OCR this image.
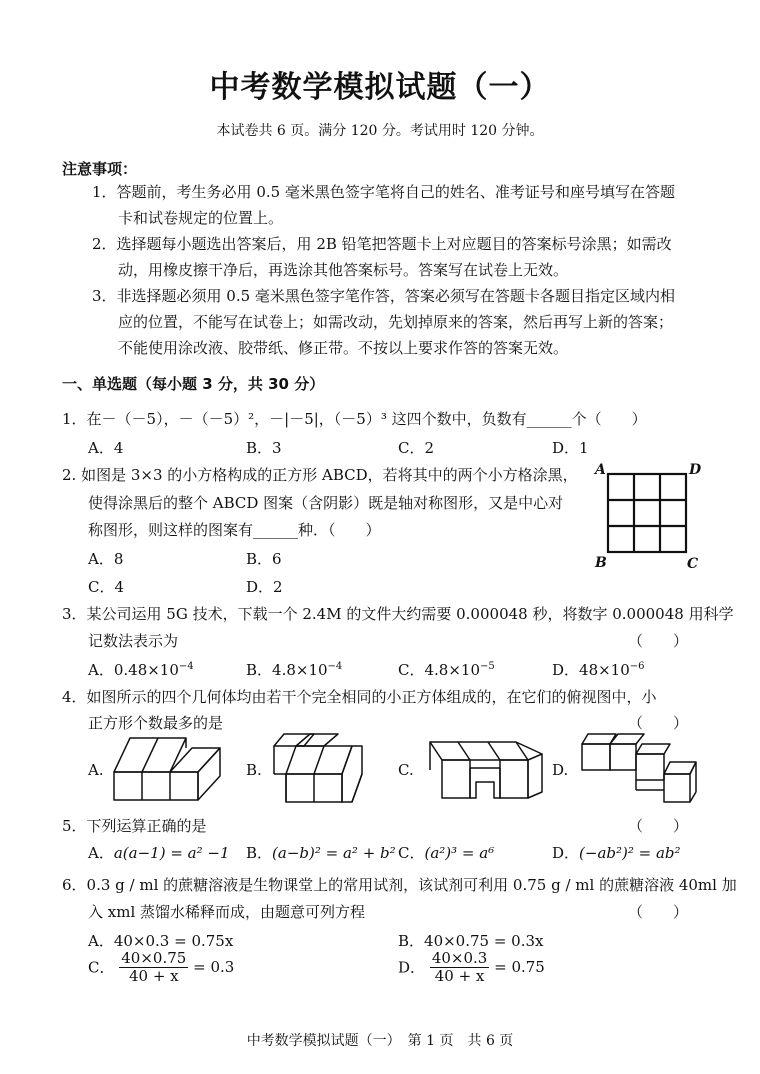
中考数学模拟试题（一）
本试卷共 6 页。满分 120 分。考试用时 120 分钟。
注意事项：
1．答题前，考生务必用 0.5 毫米黑色签字笔将自己的姓名、准考证号和座号填写在答题
卡和试卷规定的位置上。
2．选择题每小题选出答案后，用 2B 铅笔把答题卡上对应题目的答案标号涂黑；如需改
动，用橡皮擦干净后，再选涂其他答案标号。答案写在试卷上无效。
3．非选择题必须用 0.5 毫米黑色签字笔作答，答案必须写在答题卡各题目指定区域内相
应的位置，不能写在试卷上；如需改动，先划掉原来的答案，然后再写上新的答案；
不能使用涂改液、胶带纸、修正带。不按以上要求作答的答案无效。
一、单选题（每小题 3 分，共 30 分）
1．在－（－5），－（－5）²，－|－5|，（－5）³ 这四个数中，负数有______个（　　）
A．4	B．3	C．2	D．1
2. 如图是 3×3 的小方格构成的正方形 ABCD，若将其中的两个小方格涂黑，
使得涂黑后的整个 ABCD 图案（含阴影）既是轴对称图形，又是中心对
称图形，则这样的图案有______种．（　　）
A．8	B．6
C．4	D．2
A	D
B	C
3．某公司运用 5G 技术，下载一个 2.4M 的文件大约需要 0.000048 秒，将数字 0.000048 用科学
记数法表示为	（　　）
A．$0.48\times 10^{-4}$	B．$4.8\times 10^{-4}$	C．$4.8\times 10^{-5}$	D．$48\times 10^{-6}$
4．如图所示的四个几何体均由若干个完全相同的小正方体组成的，在它们的俯视图中，小
正方形个数最多的是	（　　）
A.	B.	C.	D.
5．下列运算正确的是	（　　）
A．a(a−1) = a² −1 B．(a−b)² = a² + b² C．(a²)³ = a⁶	D．(−ab²)² = ab²
6．0.3 g / ml 的蔗糖溶液是生物课堂上的常用试剂，该试剂可利用 0.75 g / ml 的蔗糖溶液 40ml 加
入 xml 蒸馏水稀释而成，由题意可列方程	（　　）
A．40×0.3 = 0.75x	B．40×0.75 = 0.3x
C． $\frac{40\times 0.75}{40 + x} = 0.3$	D． $\frac{40\times 0.3}{40 + x} = 0.75$
中考数学模拟试题（一）　第 1 页　共 6 页
